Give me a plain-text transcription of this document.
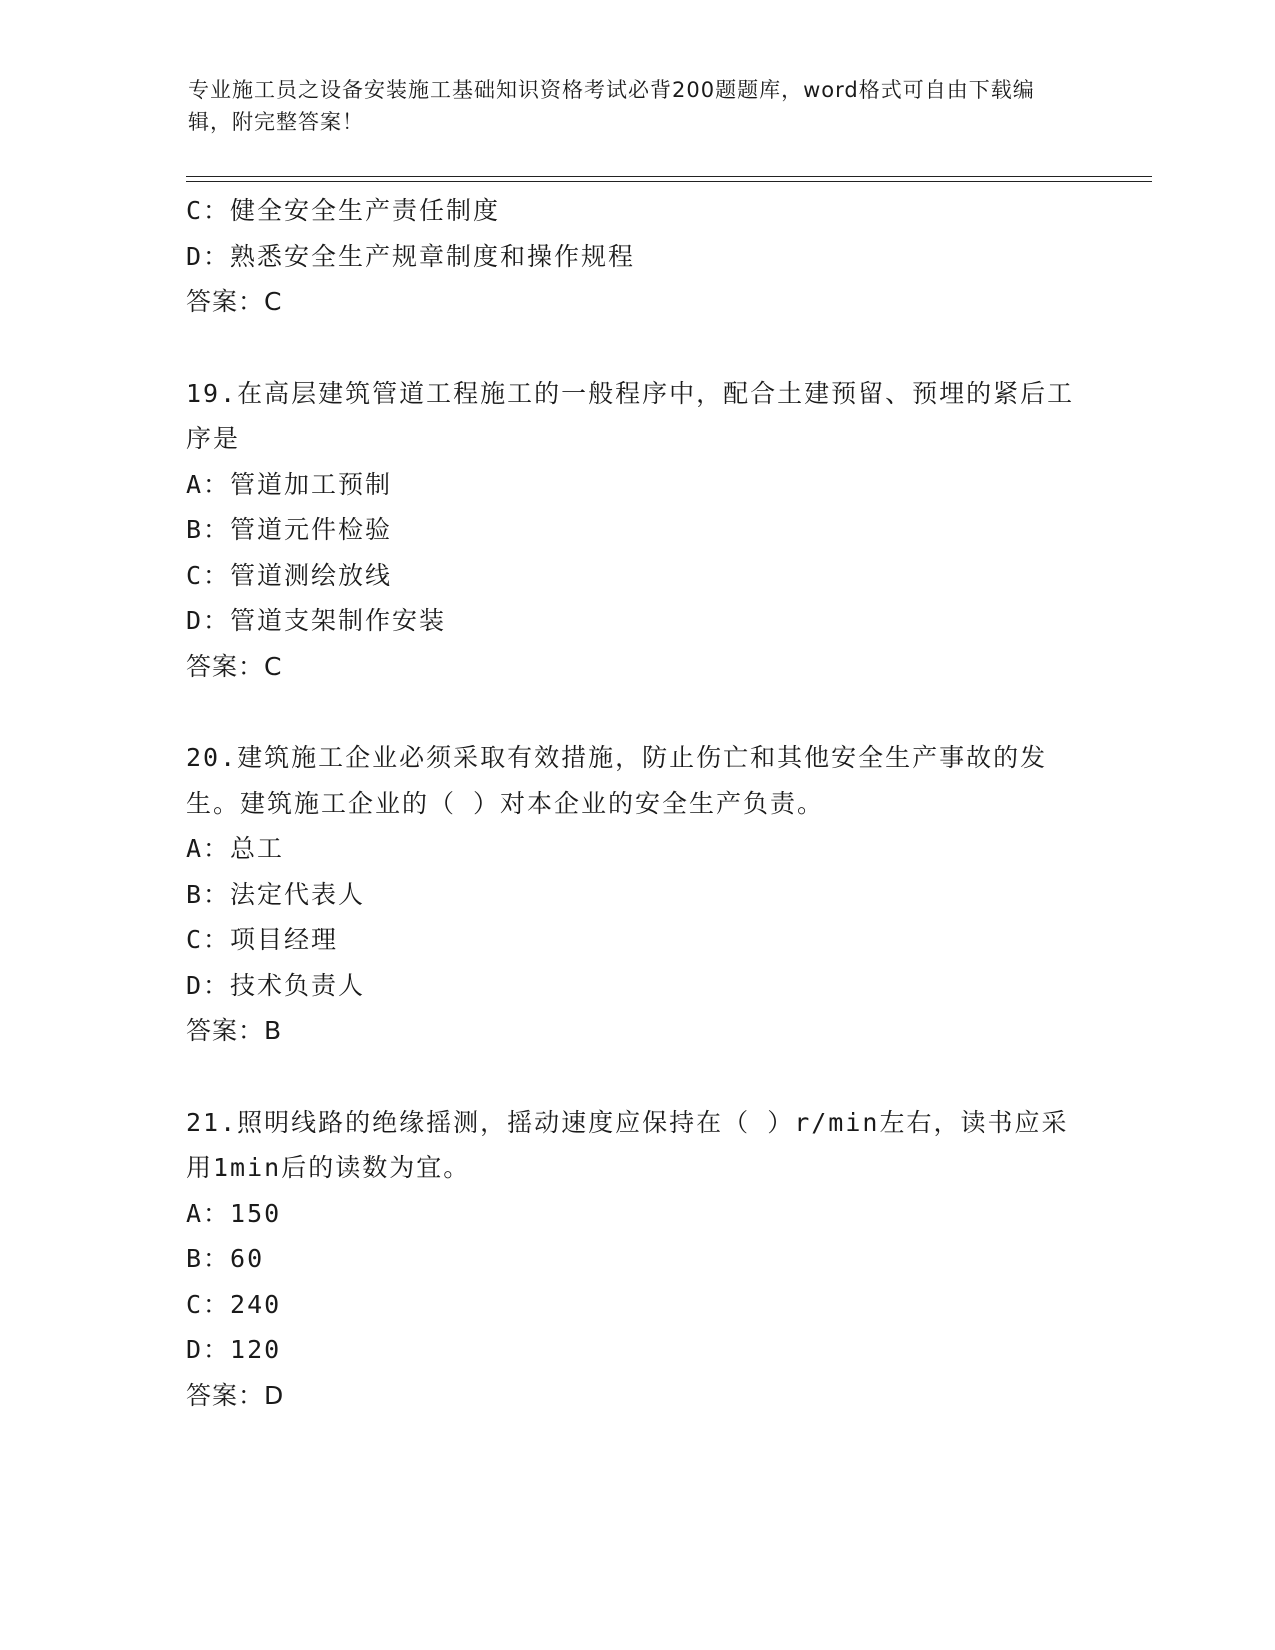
专业施工员之设备安装施工基础知识资格考试必背200题题库，word格式可自由下载编辑，附完整答案！
C：健全安全生产责任制度
D：熟悉安全生产规章制度和操作规程
答案：C
19.在高层建筑管道工程施工的一般程序中，配合土建预留、预埋的紧后工序是
A：管道加工预制
B：管道元件检验
C：管道测绘放线
D：管道支架制作安装
答案：C
20.建筑施工企业必须采取有效措施，防止伤亡和其他安全生产事故的发生。建筑施工企业的（ ）对本企业的安全生产负责。
A：总工
B：法定代表人
C：项目经理
D：技术负责人
答案：B
21.照明线路的绝缘摇测，摇动速度应保持在（ ）r/min左右，读书应采用1min后的读数为宜。
A：150
B：60
C：240
D：120
答案：D
